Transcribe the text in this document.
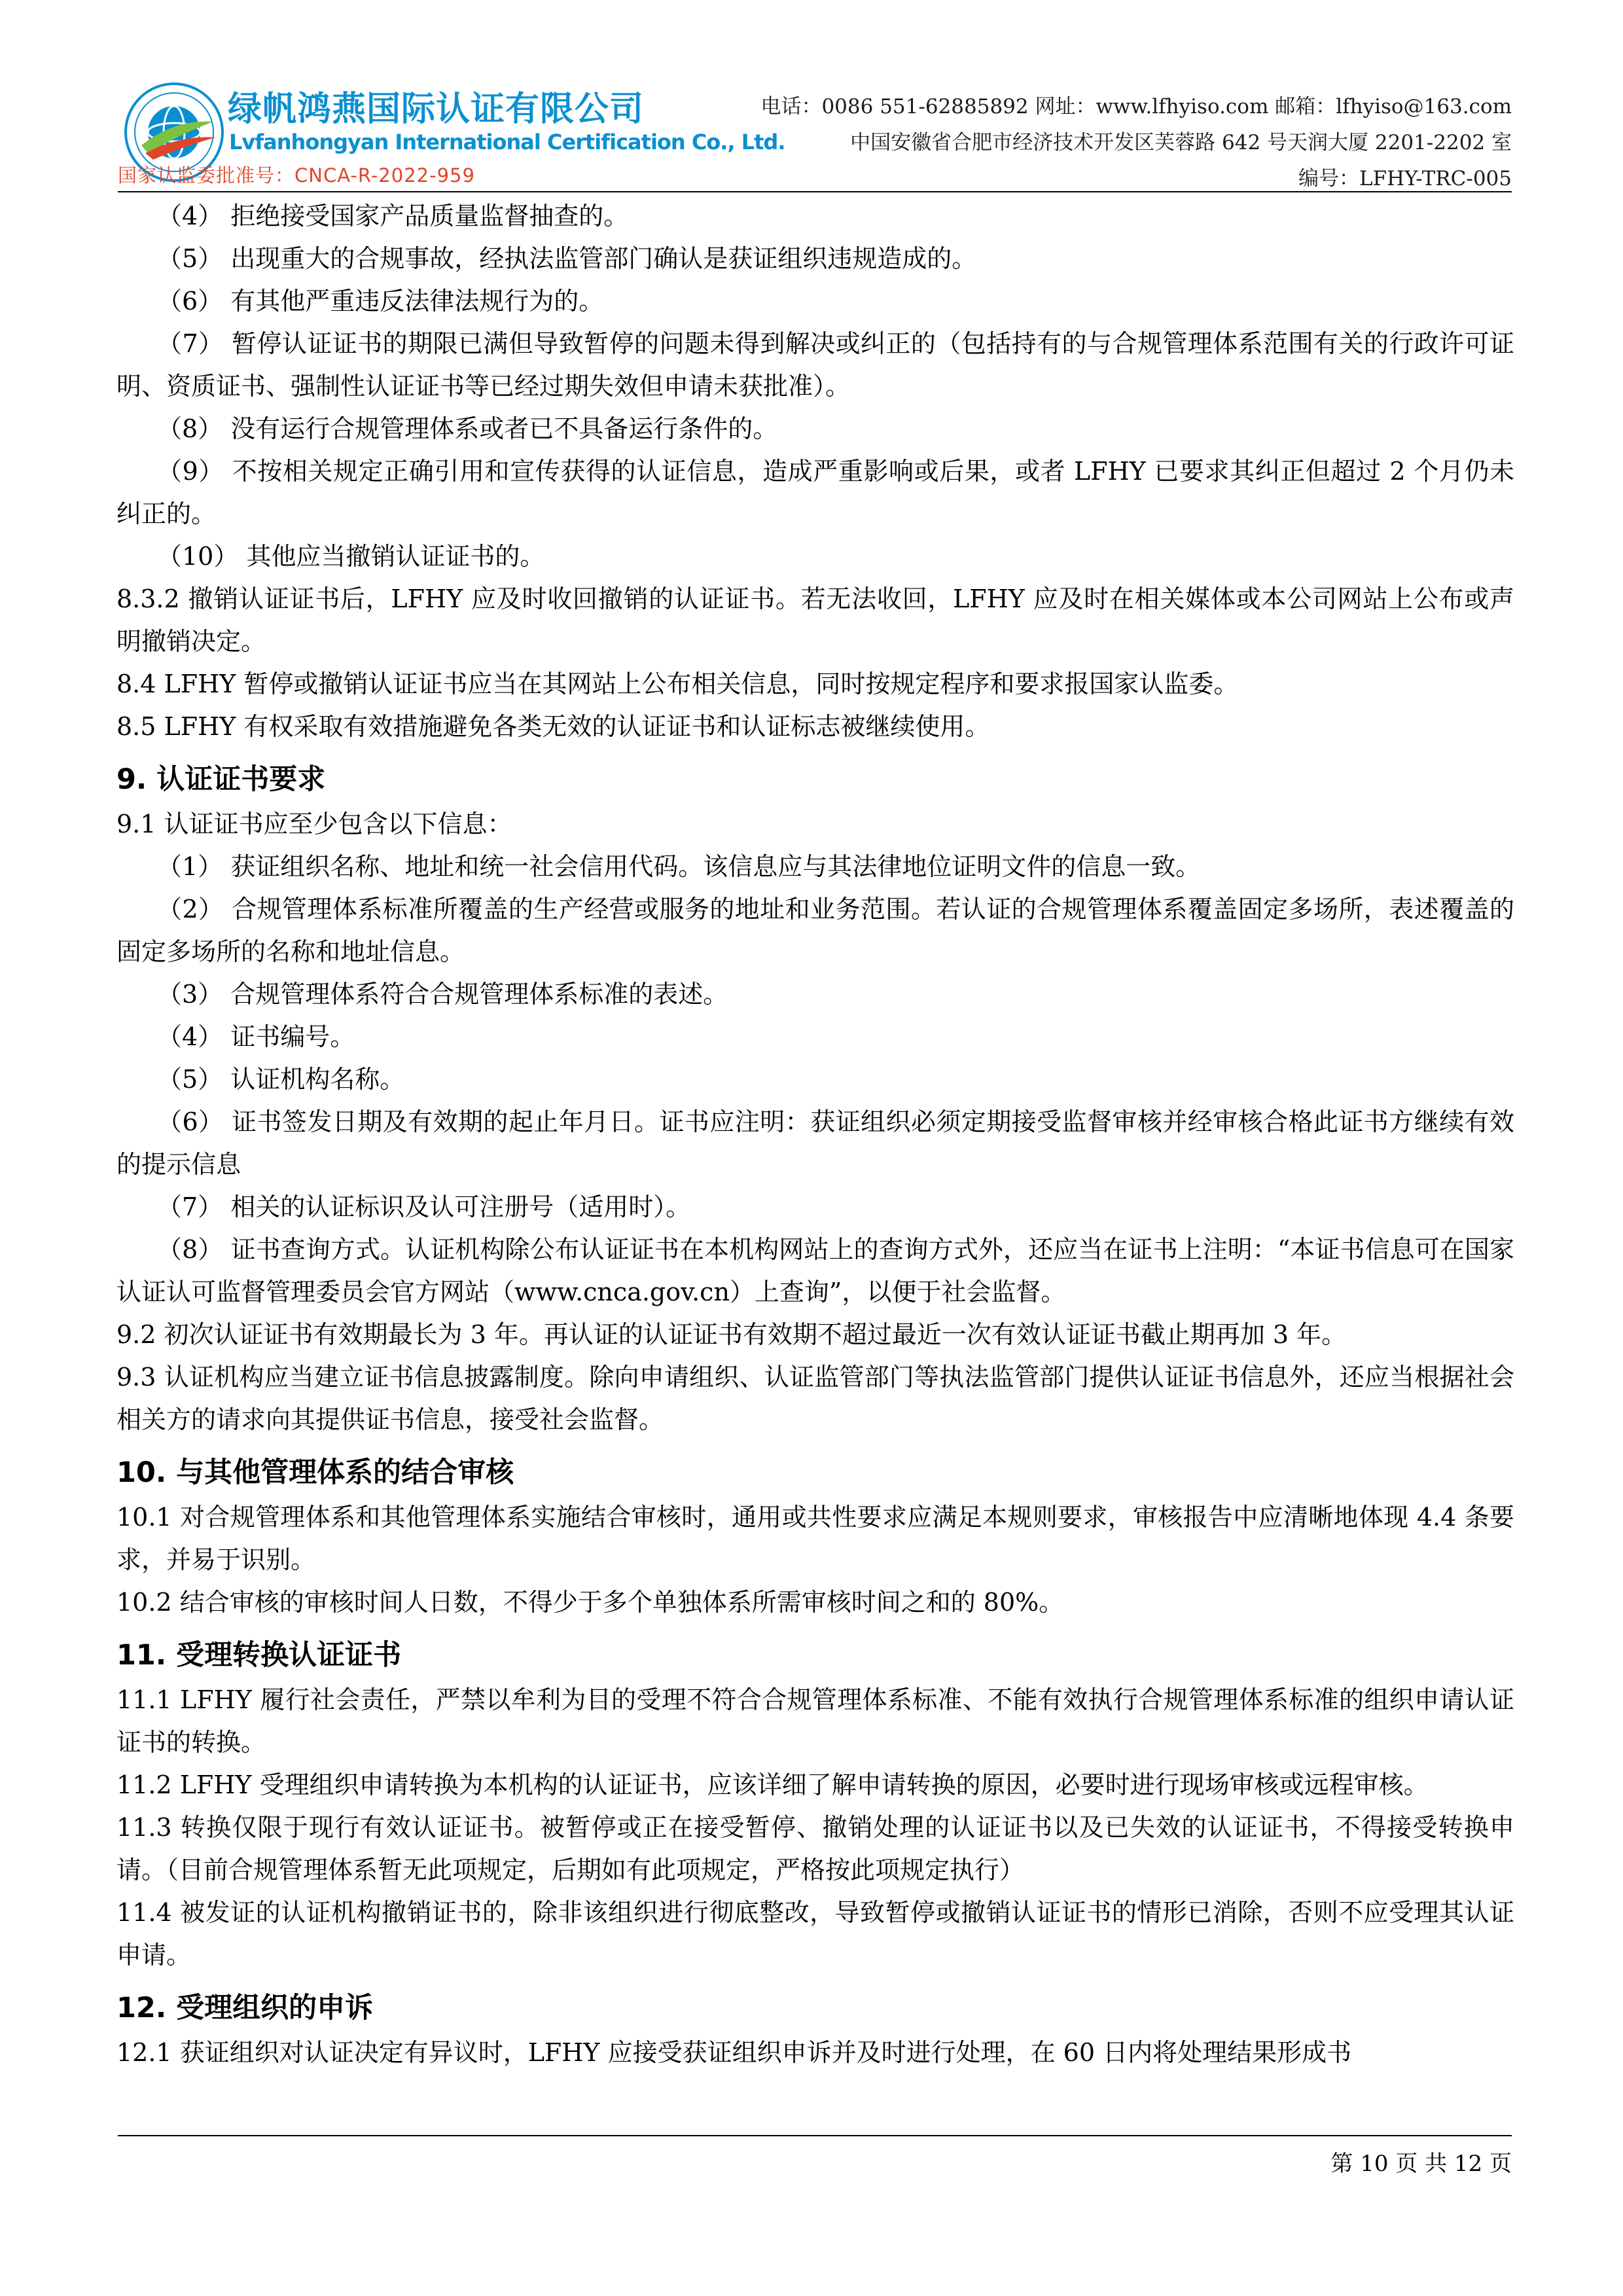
绿帆鸿燕国际认证有限公司
Lvfanhongyan International Certification Co., Ltd.
国家认监委批准号：CNCA-R-2022-959
电话：0086 551-62885892 网址：www.lfhyiso.com 邮箱：lfhyiso@163.com
中国安徽省合肥市经济技术开发区芙蓉路 642 号天润大厦 2201-2202 室
编号：LFHY-TRC-005

（4） 拒绝接受国家产品质量监督抽查的。

（5） 出现重大的合规事故，经执法监管部门确认是获证组织违规造成的。

（6） 有其他严重违反法律法规行为的。

（7） 暂停认证证书的期限已满但导致暂停的问题未得到解决或纠正的（包括持有的与合规管理体系范围有关的行政许可证明、资质证书、强制性认证证书等已经过期失效但申请未获批准）。

（8） 没有运行合规管理体系或者已不具备运行条件的。

（9） 不按相关规定正确引用和宣传获得的认证信息，造成严重影响或后果，或者 LFHY 已要求其纠正但超过 2 个月仍未纠正的。

（10） 其他应当撤销认证证书的。

8.3.2 撤销认证证书后，LFHY 应及时收回撤销的认证证书。若无法收回，LFHY 应及时在相关媒体或本公司网站上公布或声明撤销决定。

8.4 LFHY 暂停或撤销认证证书应当在其网站上公布相关信息，同时按规定程序和要求报国家认监委。

8.5 LFHY 有权采取有效措施避免各类无效的认证证书和认证标志被继续使用。

9. 认证证书要求

9.1 认证证书应至少包含以下信息：

（1） 获证组织名称、地址和统一社会信用代码。该信息应与其法律地位证明文件的信息一致。

（2） 合规管理体系标准所覆盖的生产经营或服务的地址和业务范围。若认证的合规管理体系覆盖固定多场所，表述覆盖的固定多场所的名称和地址信息。

（3） 合规管理体系符合合规管理体系标准的表述。

（4） 证书编号。

（5） 认证机构名称。

（6） 证书签发日期及有效期的起止年月日。证书应注明：获证组织必须定期接受监督审核并经审核合格此证书方继续有效的提示信息

（7） 相关的认证标识及认可注册号（适用时）。

（8） 证书查询方式。认证机构除公布认证证书在本机构网站上的查询方式外，还应当在证书上注明：“本证书信息可在国家认证认可监督管理委员会官方网站（www.cnca.gov.cn）上查询”，以便于社会监督。

9.2 初次认证证书有效期最长为 3 年。再认证的认证证书有效期不超过最近一次有效认证证书截止期再加 3 年。

9.3 认证机构应当建立证书信息披露制度。除向申请组织、认证监管部门等执法监管部门提供认证证书信息外，还应当根据社会相关方的请求向其提供证书信息，接受社会监督。

10. 与其他管理体系的结合审核

10.1 对合规管理体系和其他管理体系实施结合审核时，通用或共性要求应满足本规则要求，审核报告中应清晰地体现 4.4 条要求，并易于识别。

10.2 结合审核的审核时间人日数，不得少于多个单独体系所需审核时间之和的 80%。

11. 受理转换认证证书

11.1 LFHY 履行社会责任，严禁以牟利为目的受理不符合合规管理体系标准、不能有效执行合规管理体系标准的组织申请认证证书的转换。

11.2 LFHY 受理组织申请转换为本机构的认证证书，应该详细了解申请转换的原因，必要时进行现场审核或远程审核。

11.3 转换仅限于现行有效认证证书。被暂停或正在接受暂停、撤销处理的认证证书以及已失效的认证证书，不得接受转换申请。（目前合规管理体系暂无此项规定，后期如有此项规定，严格按此项规定执行）

11.4 被发证的认证机构撤销证书的，除非该组织进行彻底整改，导致暂停或撤销认证证书的情形已消除，否则不应受理其认证申请。

12. 受理组织的申诉

12.1 获证组织对认证决定有异议时，LFHY 应接受获证组织申诉并及时进行处理，在 60 日内将处理结果形成书

第 10 页 共 12 页
